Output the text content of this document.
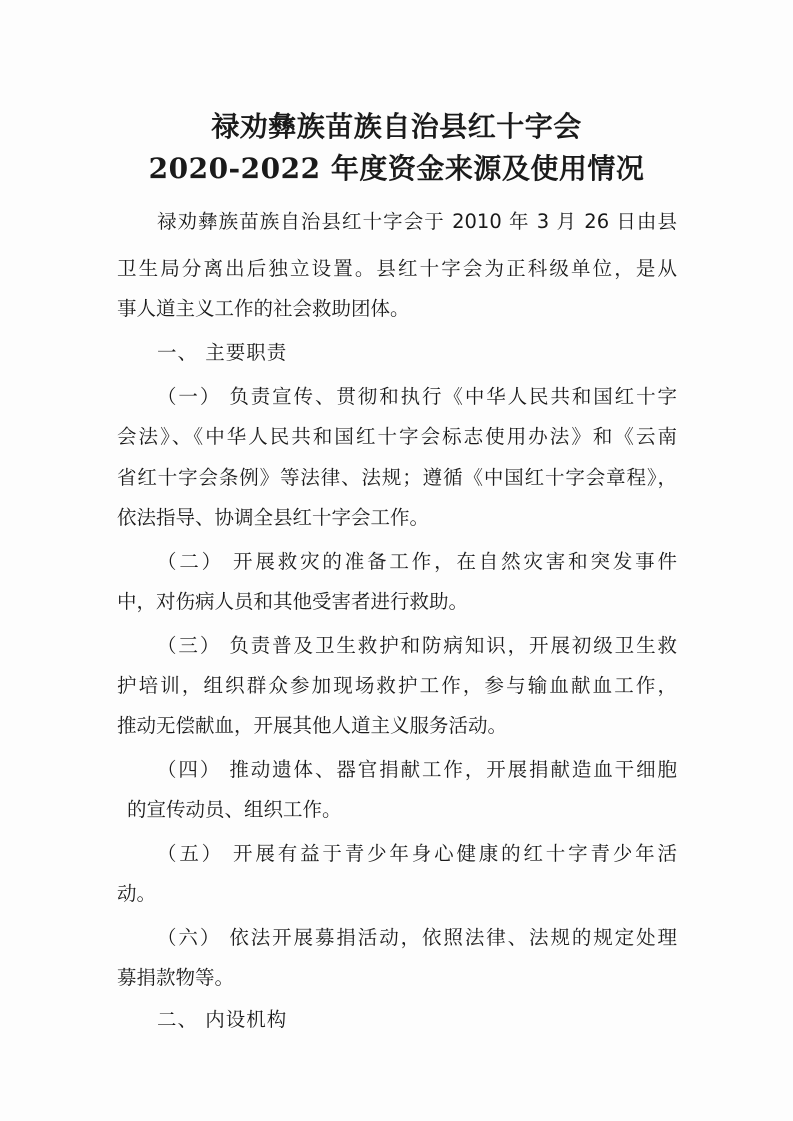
禄劝彝族苗族自治县红十字会
2020-2022 年度资金来源及使用情况
禄劝彝族苗族自治县红十字会于 2010 年 3 月 26 日由县
卫生局分离出后独立设置。县红十字会为正科级单位，是从
事人道主义工作的社会救助团体。
一、 主要职责
（一） 负责宣传、贯彻和执行《中华人民共和国红十字
会法》、《中华人民共和国红十字会标志使用办法》和《云南
省红十字会条例》等法律、法规；遵循《中国红十字会章程》，
依法指导、协调全县红十字会工作。
（二） 开展救灾的准备工作，在自然灾害和突发事件
中，对伤病人员和其他受害者进行救助。
（三） 负责普及卫生救护和防病知识，开展初级卫生救
护培训，组织群众参加现场救护工作，参与输血献血工作，
推动无偿献血，开展其他人道主义服务活动。
（四） 推动遗体、器官捐献工作，开展捐献造血干细胞
的宣传动员、组织工作。
（五） 开展有益于青少年身心健康的红十字青少年活
动。
（六） 依法开展募捐活动，依照法律、法规的规定处理
募捐款物等。
二、 内设机构
